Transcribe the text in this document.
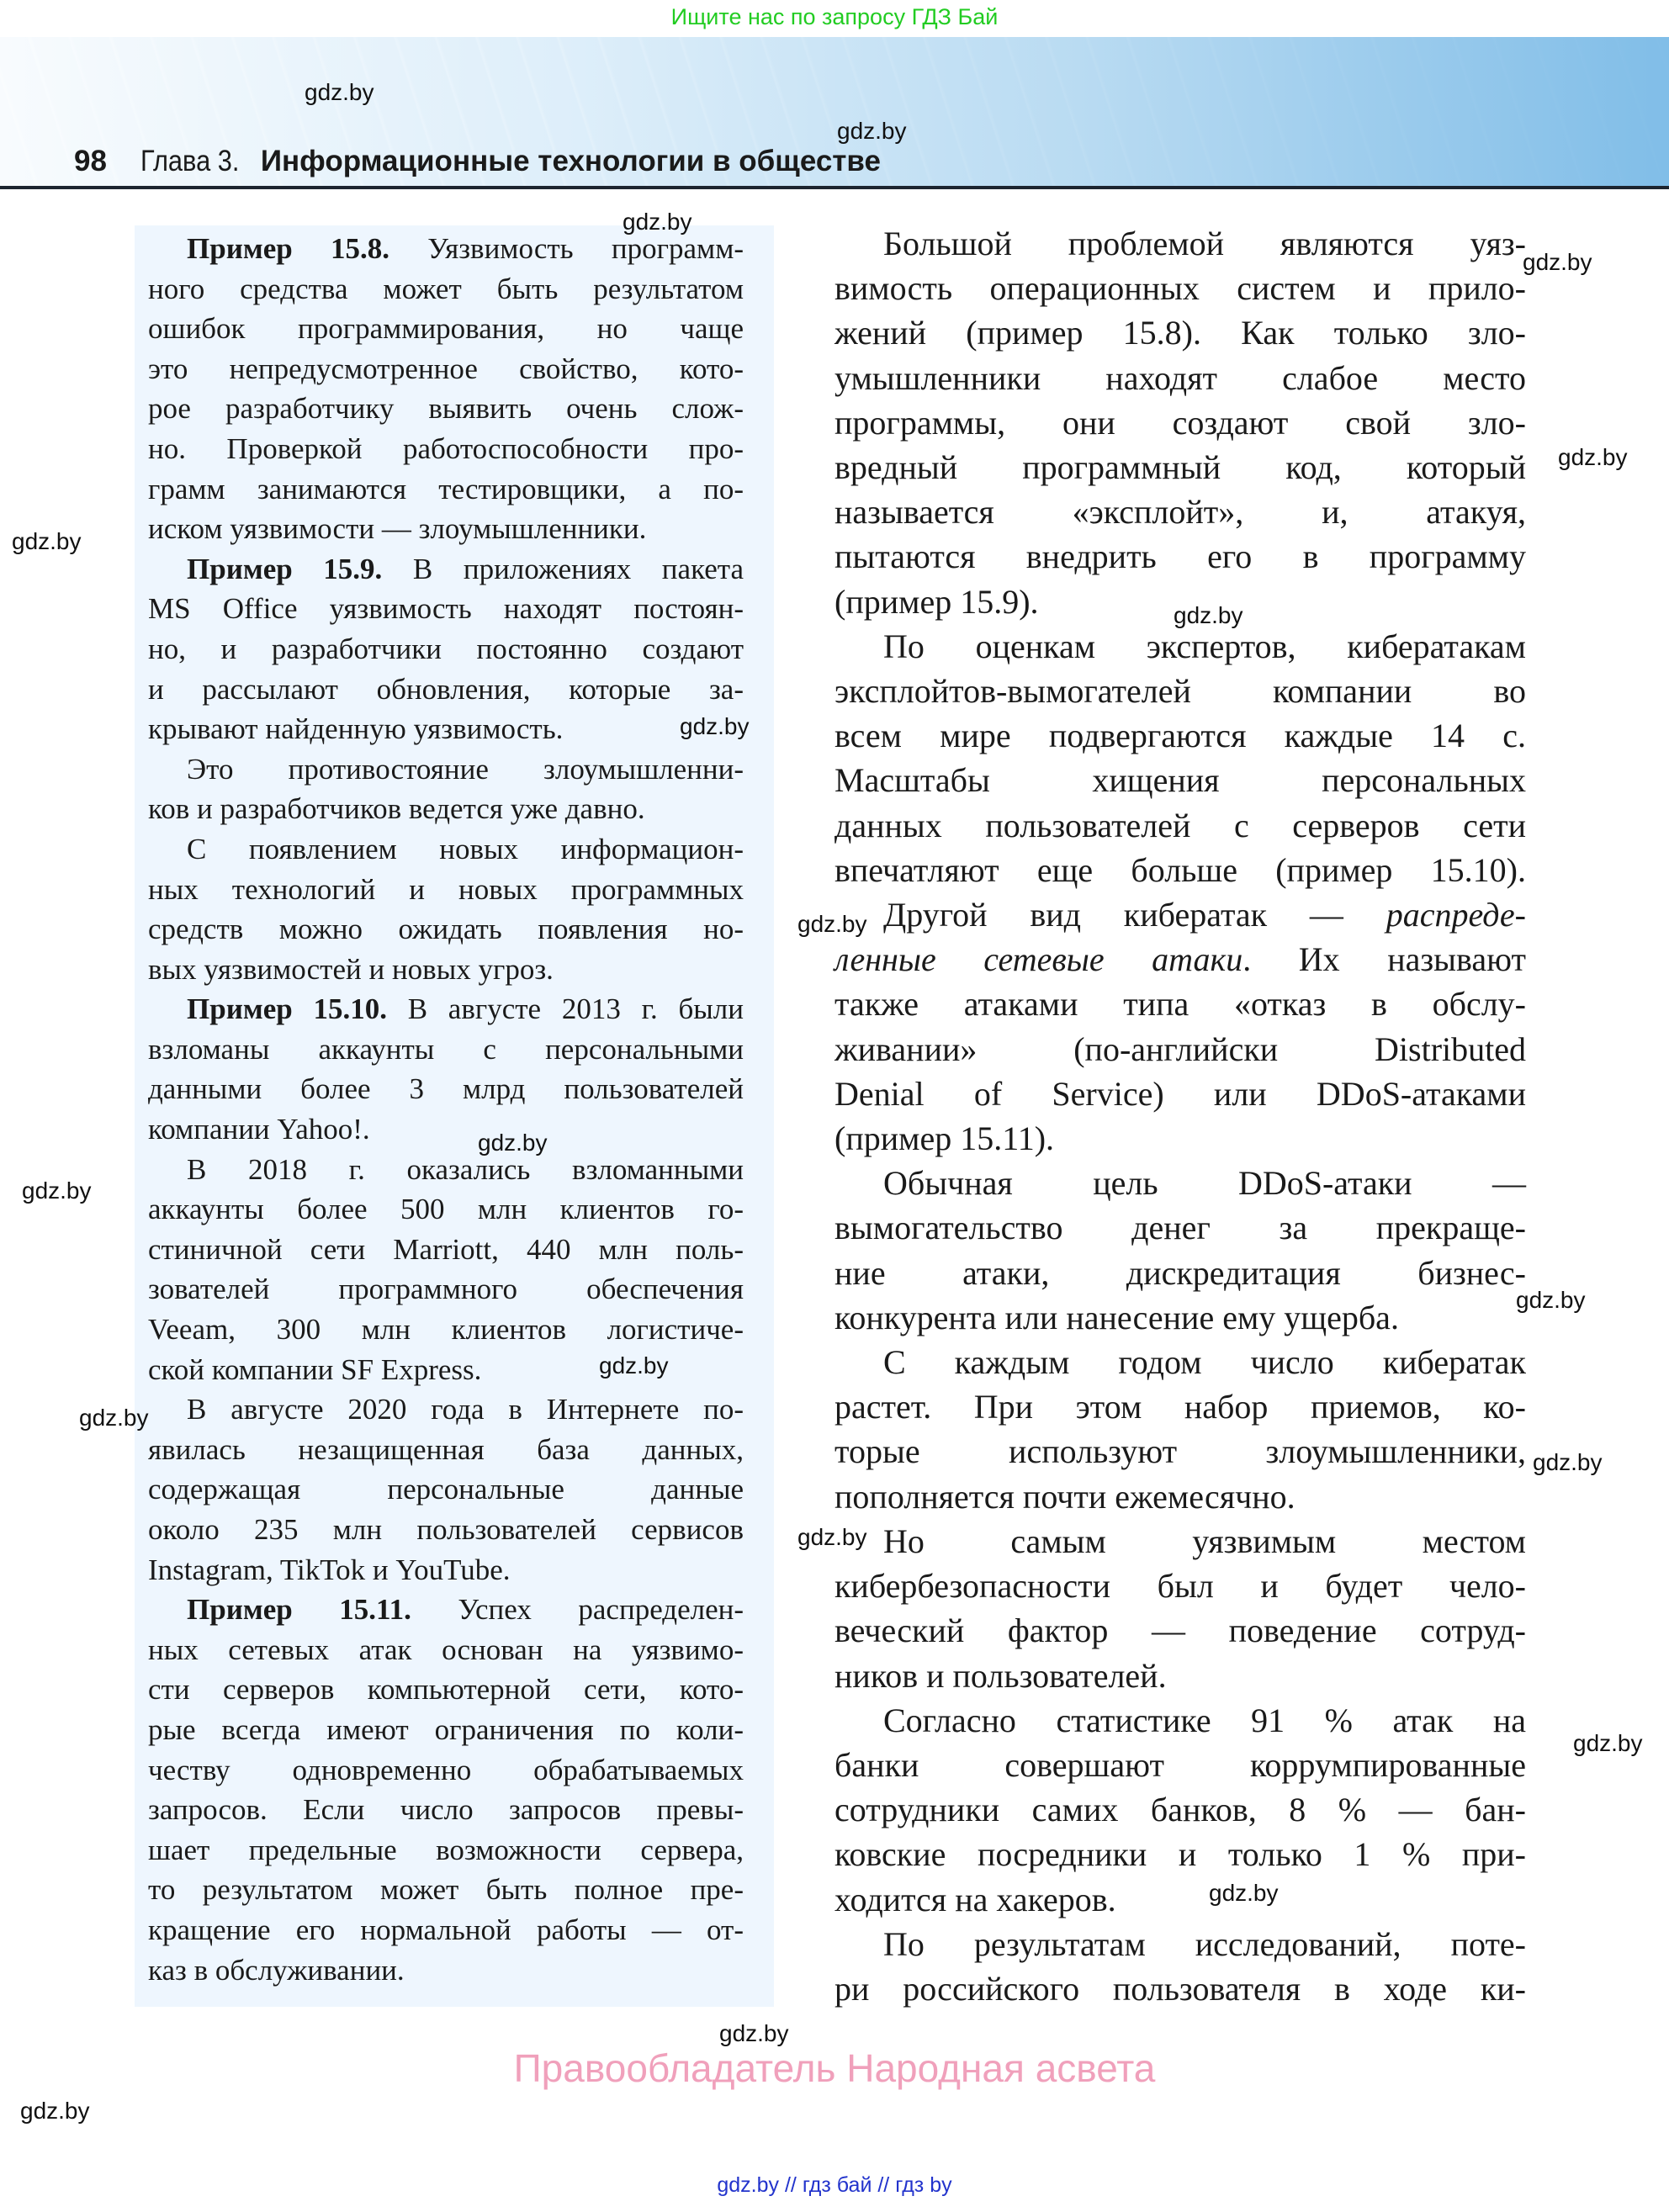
Ищите нас по запросу ГДЗ Бай
98 Глава 3. Информационные технологии в обществе
Пример 15.8. Уязвимость программ-
ного средства может быть результатом
ошибок программирования, но чаще
это непредусмотренное свойство, кото-
рое разработчику выявить очень слож-
но. Проверкой работоспособности про-
грамм занимаются тестировщики, а по-
иском уязвимости — злоумышленники.
Пример 15.9. В приложениях пакета
MS Office уязвимость находят постоян-
но, и разработчики постоянно создают
и рассылают обновления, которые за-
крывают найденную уязвимость.
Это противостояние злоумышленни-
ков и разработчиков ведется уже давно.
С появлением новых информацион-
ных технологий и новых программных
средств можно ожидать появления но-
вых уязвимостей и новых угроз.
Пример 15.10. В августе 2013 г. были
взломаны аккаунты с персональными
данными более 3 млрд пользователей
компании Yahoo!.
В 2018 г. оказались взломанными
аккаунты более 500 млн клиентов го-
стиничной сети Marriott, 440 млн поль-
зователей программного обеспечения
Veeam, 300 млн клиентов логистиче-
ской компании SF Express.
В августе 2020 года в Интернете по-
явилась незащищенная база данных,
содержащая персональные данные
около 235 млн пользователей сервисов
Instagram, TikTok и YouTube.
Пример 15.11. Успех распределен-
ных сетевых атак основан на уязвимо-
сти серверов компьютерной сети, кото-
рые всегда имеют ограничения по коли-
честву одновременно обрабатываемых
запросов. Если число запросов превы-
шает предельные возможности сервера,
то результатом может быть полное пре-
кращение его нормальной работы — от-
каз в обслуживании.
Большой проблемой являются уяз-
вимость операционных систем и прило-
жений (пример 15.8). Как только зло-
умышленники находят слабое место
программы, они создают свой зло-
вредный программный код, который
называется «эксплойт», и, атакуя,
пытаются внедрить его в программу
(пример 15.9).
По оценкам экспертов, кибератакам
эксплойтов-вымогателей компании во
всем мире подвергаются каждые 14 с.
Масштабы хищения персональных
данных пользователей с серверов сети
впечатляют еще больше (пример 15.10).
Другой вид кибератак — распреде-
ленные сетевые атаки. Их называют
также атаками типа «отказ в обслу-
живании» (по-английски Distributed
Denial of Service) или DDoS-атаками
(пример 15.11).
Обычная цель DDoS-атаки —
вымогательство денег за прекраще-
ние атаки, дискредитация бизнес-
конкурента или нанесение ему ущерба.
С каждым годом число кибератак
растет. При этом набор приемов, ко-
торые используют злоумышленники,
пополняется почти ежемесячно.
Но самым уязвимым местом
кибербезопасности был и будет чело-
веческий фактор — поведение сотруд-
ников и пользователей.
Согласно статистике 91 % атак на
банки совершают коррумпированные
сотрудники самих банков, 8 % — бан-
ковские посредники и только 1 % при-
ходится на хакеров.
По результатам исследований, поте-
ри российского пользователя в ходе ки-
gdz.by
gdz.by
gdz.by
gdz.by
gdz.by
gdz.by
gdz.by
gdz.by
gdz.by
gdz.by
gdz.by
gdz.by
gdz.by
gdz.by
gdz.by
gdz.by
gdz.by
gdz.by
gdz.by
gdz.by
Правообладатель Народная асвета
gdz.by // гдз бай // гдз by
